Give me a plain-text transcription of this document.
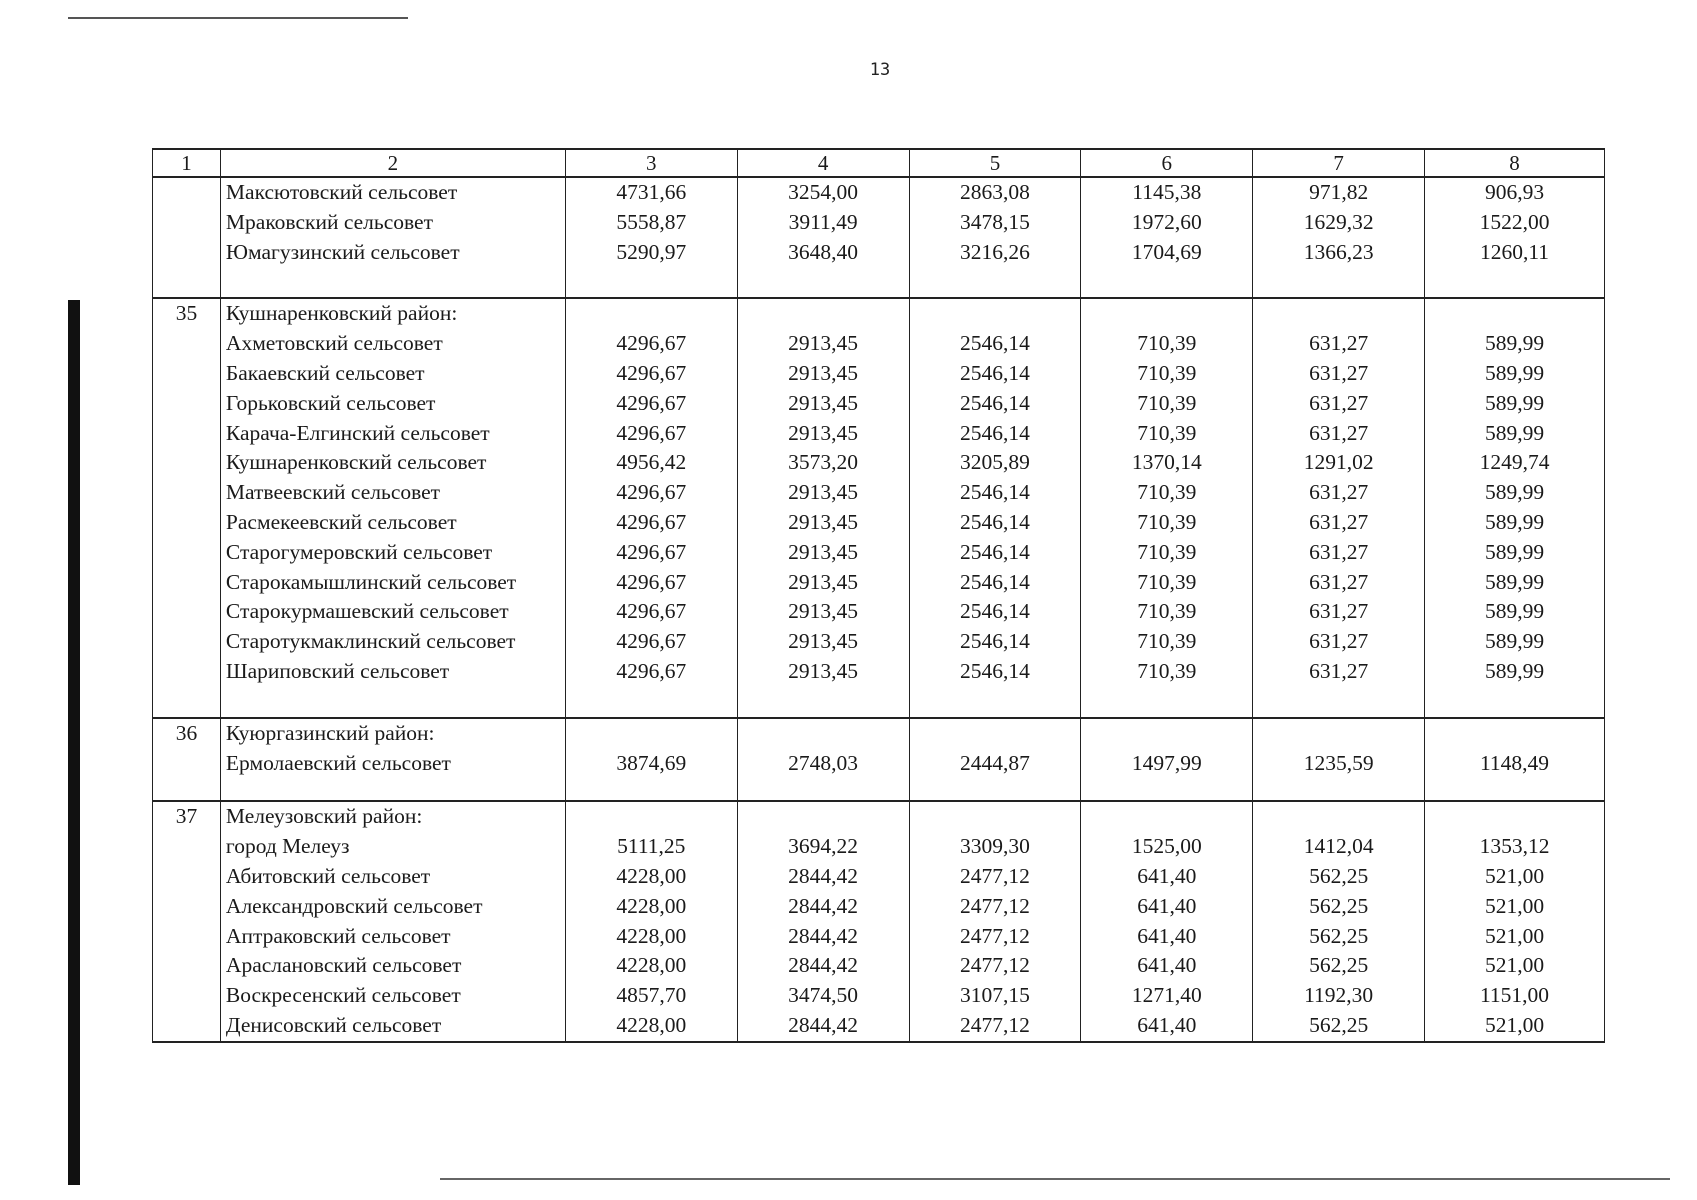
13
1	2	3	4	5	6	7	8
	Максютовский сельсовет	4731,66	3254,00	2863,08	1145,38	971,82	906,93
	Мраковский сельсовет	5558,87	3911,49	3478,15	1972,60	1629,32	1522,00
	Юмагузинский сельсовет	5290,97	3648,40	3216,26	1704,69	1366,23	1260,11

35	Кушнаренковский район:						
	Ахметовский сельсовет	4296,67	2913,45	2546,14	710,39	631,27	589,99
	Бакаевский сельсовет	4296,67	2913,45	2546,14	710,39	631,27	589,99
	Горьковский сельсовет	4296,67	2913,45	2546,14	710,39	631,27	589,99
	Карача-Елгинский сельсовет	4296,67	2913,45	2546,14	710,39	631,27	589,99
	Кушнаренковский сельсовет	4956,42	3573,20	3205,89	1370,14	1291,02	1249,74
	Матвеевский сельсовет	4296,67	2913,45	2546,14	710,39	631,27	589,99
	Расмекеевский сельсовет	4296,67	2913,45	2546,14	710,39	631,27	589,99
	Старогумеровский сельсовет	4296,67	2913,45	2546,14	710,39	631,27	589,99
	Старокамышлинский сельсовет	4296,67	2913,45	2546,14	710,39	631,27	589,99
	Старокурмашевский сельсовет	4296,67	2913,45	2546,14	710,39	631,27	589,99
	Старотукмаклинский сельсовет	4296,67	2913,45	2546,14	710,39	631,27	589,99
	Шариповский сельсовет	4296,67	2913,45	2546,14	710,39	631,27	589,99

36	Куюргазинский район:						
	Ермолаевский сельсовет	3874,69	2748,03	2444,87	1497,99	1235,59	1148,49

37	Мелеузовский район:						
	город Мелеуз	5111,25	3694,22	3309,30	1525,00	1412,04	1353,12
	Абитовский сельсовет	4228,00	2844,42	2477,12	641,40	562,25	521,00
	Александровский сельсовет	4228,00	2844,42	2477,12	641,40	562,25	521,00
	Аптраковский сельсовет	4228,00	2844,42	2477,12	641,40	562,25	521,00
	Араслановский сельсовет	4228,00	2844,42	2477,12	641,40	562,25	521,00
	Воскресенский сельсовет	4857,70	3474,50	3107,15	1271,40	1192,30	1151,00
	Денисовский сельсовет	4228,00	2844,42	2477,12	641,40	562,25	521,00
